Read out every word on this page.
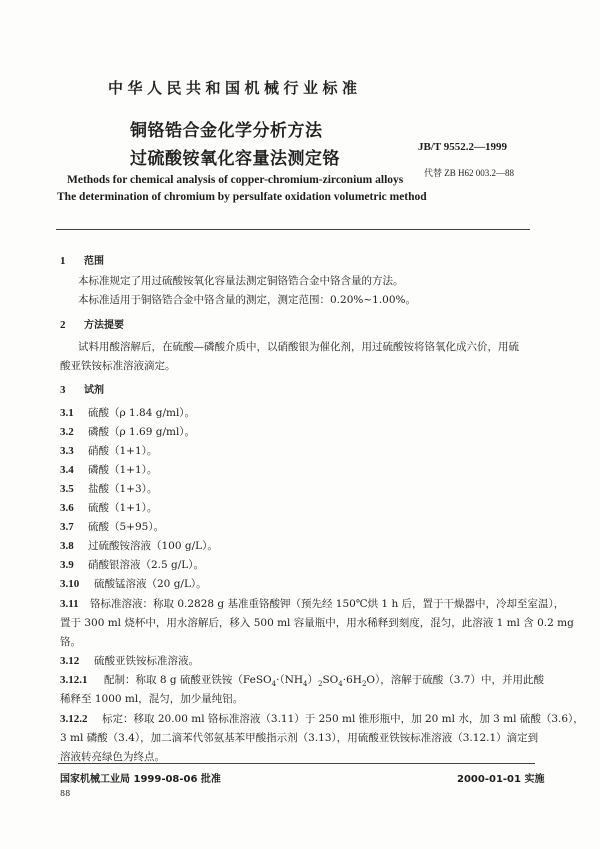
中华人民共和国机械行业标准
铜铬锆合金化学分析方法
过硫酸铵氧化容量法测定铬
JB/T 9552.2—1999
代替 ZB H62 003.2—88
Methods for chemical analysis of copper-chromium-zirconium alloys
The determination of chromium by persulfate oxidation volumetric method
1 范围
本标准规定了用过硫酸铵氧化容量法测定铜铬锆合金中铬含量的方法。
本标准适用于铜铬锆合金中铬含量的测定，测定范围：0.20%~1.00%。
2 方法提要
试料用酸溶解后，在硫酸—磷酸介质中，以硝酸银为催化剂，用过硫酸铵将铬氧化成六价，用硫
酸亚铁铵标准溶液滴定。
3 试剂
3.1 硫酸（ρ 1.84 g/ml）。
3.2 磷酸（ρ 1.69 g/ml）。
3.3 硝酸（1+1）。
3.4 磷酸（1+1）。
3.5 盐酸（1+3）。
3.6 硫酸（1+1）。
3.7 硫酸（5+95）。
3.8 过硫酸铵溶液（100 g/L）。
3.9 硝酸银溶液（2.5 g/L）。
3.10 硫酸锰溶液（20 g/L）。
3.11 铬标准溶液：称取 0.2828 g 基准重铬酸钾（预先经 150℃烘 1 h 后，置于干燥器中，冷却至室温），
置于 300 ml 烧杯中，用水溶解后，移入 500 ml 容量瓶中，用水稀释到刻度，混匀，此溶液 1 ml 含 0.2 mg
铬。
3.12 硫酸亚铁铵标准溶液。
3.12.1 配制：称取 8 g 硫酸亚铁铵$(FeSO_4\cdot(NH_4)_2SO_4\cdot 6H_2O)$，溶解于硫酸（3.7）中，并用此酸
稀释至 1000 ml，混匀，加少量纯铝。
3.12.2 标定：移取 20.00 ml 铬标准溶液（3.11）于 250 ml 锥形瓶中，加 20 ml 水，加 3 ml 硫酸（3.6），
3 ml 磷酸（3.4），加二滴苯代邻氨基苯甲酸指示剂（3.13），用硫酸亚铁铵标准溶液（3.12.1）滴定到
溶液转亮绿色为终点。
国家机械工业局 1999-08-06 批准	2000-01-01 实施
88
